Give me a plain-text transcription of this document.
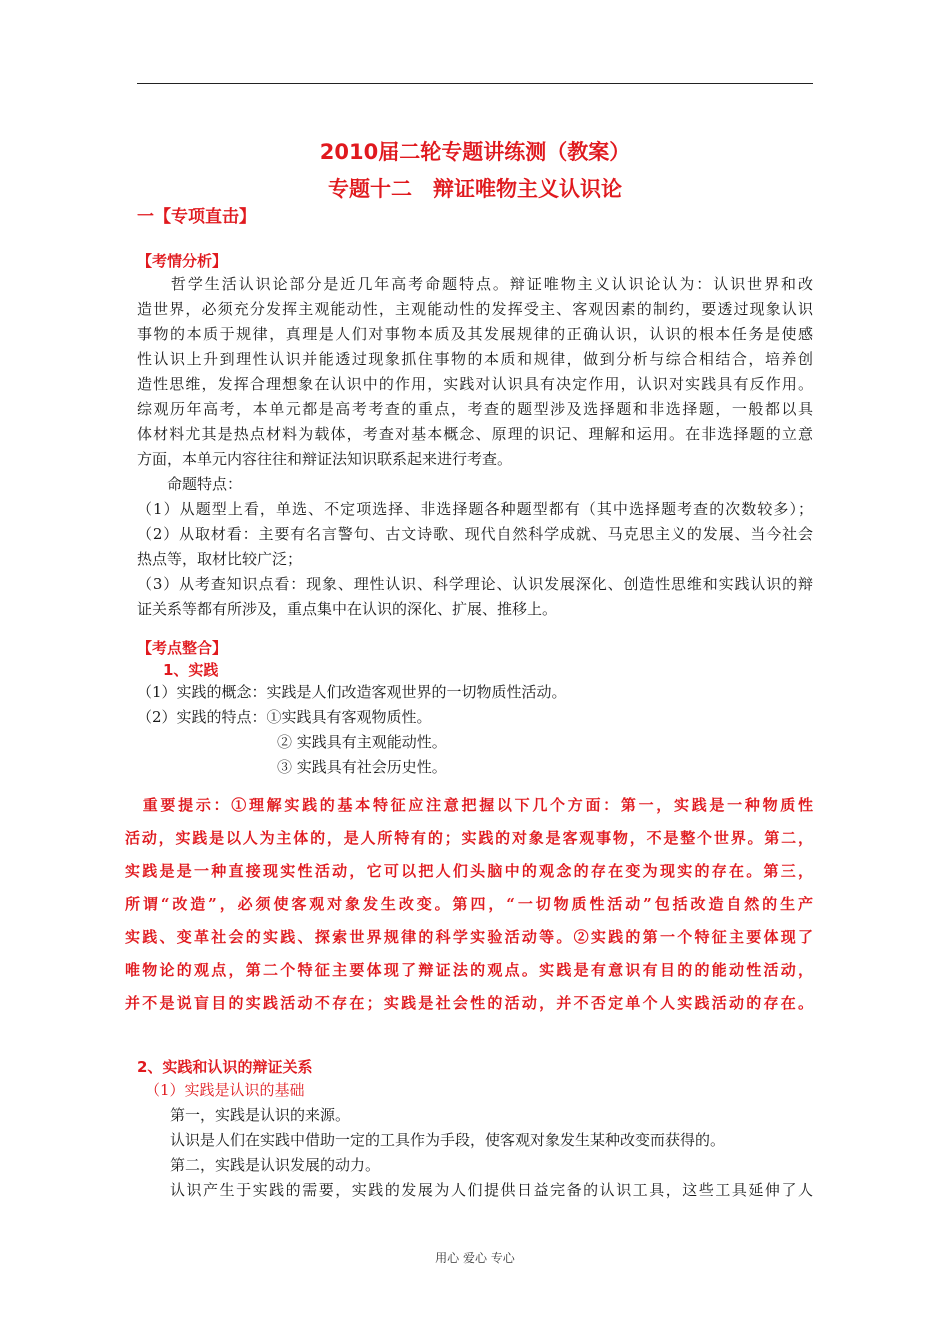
2010届二轮专题讲练测（教案）
专题十二　辩证唯物主义认识论
一【专项直击】
【考情分析】
　　哲学生活认识论部分是近几年高考命题特点。辩证唯物主义认识论认为：认识世界和改
造世界，必须充分发挥主观能动性，主观能动性的发挥受主、客观因素的制约，要透过现象认识
事物的本质于规律，真理是人们对事物本质及其发展规律的正确认识，认识的根本任务是使感
性认识上升到理性认识并能透过现象抓住事物的本质和规律，做到分析与综合相结合，培养创
造性思维，发挥合理想象在认识中的作用，实践对认识具有决定作用，认识对实践具有反作用。
综观历年高考，本单元都是高考考查的重点，考查的题型涉及选择题和非选择题，一般都以具
体材料尤其是热点材料为载体，考查对基本概念、原理的识记、理解和运用。在非选择题的立意
方面，本单元内容往往和辩证法知识联系起来进行考查。
　　命题特点：
（1）从题型上看，单选、不定项选择、非选择题各种题型都有（其中选择题考查的次数较多）；
（2）从取材看：主要有名言警句、古文诗歌、现代自然科学成就、马克思主义的发展、当今社会
热点等，取材比较广泛；
（3）从考查知识点看：现象、理性认识、科学理论、认识发展深化、创造性思维和实践认识的辩
证关系等都有所涉及，重点集中在认识的深化、扩展、推移上。
【考点整合】
1、实践
（1）实践的概念：实践是人们改造客观世界的一切物质性活动。
（2）实践的特点：①实践具有客观物质性。
② 实践具有主观能动性。
③ 实践具有社会历史性。
　重要提示：①理解实践的基本特征应注意把握以下几个方面：第一，实践是一种物质性
活动，实践是以人为主体的，是人所特有的；实践的对象是客观事物，不是整个世界。第二，
实践是是一种直接现实性活动，它可以把人们头脑中的观念的存在变为现实的存在。第三，
所谓“改造”，必须使客观对象发生改变。第四，“一切物质性活动”包括改造自然的生产
实践、变革社会的实践、探索世界规律的科学实验活动等。②实践的第一个特征主要体现了
唯物论的观点，第二个特征主要体现了辩证法的观点。实践是有意识有目的的能动性活动，
并不是说盲目的实践活动不存在；实践是社会性的活动，并不否定单个人实践活动的存在。
2、实践和认识的辩证关系
（1）实践是认识的基础
第一，实践是认识的来源。
认识是人们在实践中借助一定的工具作为手段，使客观对象发生某种改变而获得的。
第二，实践是认识发展的动力。
认识产生于实践的需要，实践的发展为人们提供日益完备的认识工具，这些工具延伸了人
用心 爱心 专心
